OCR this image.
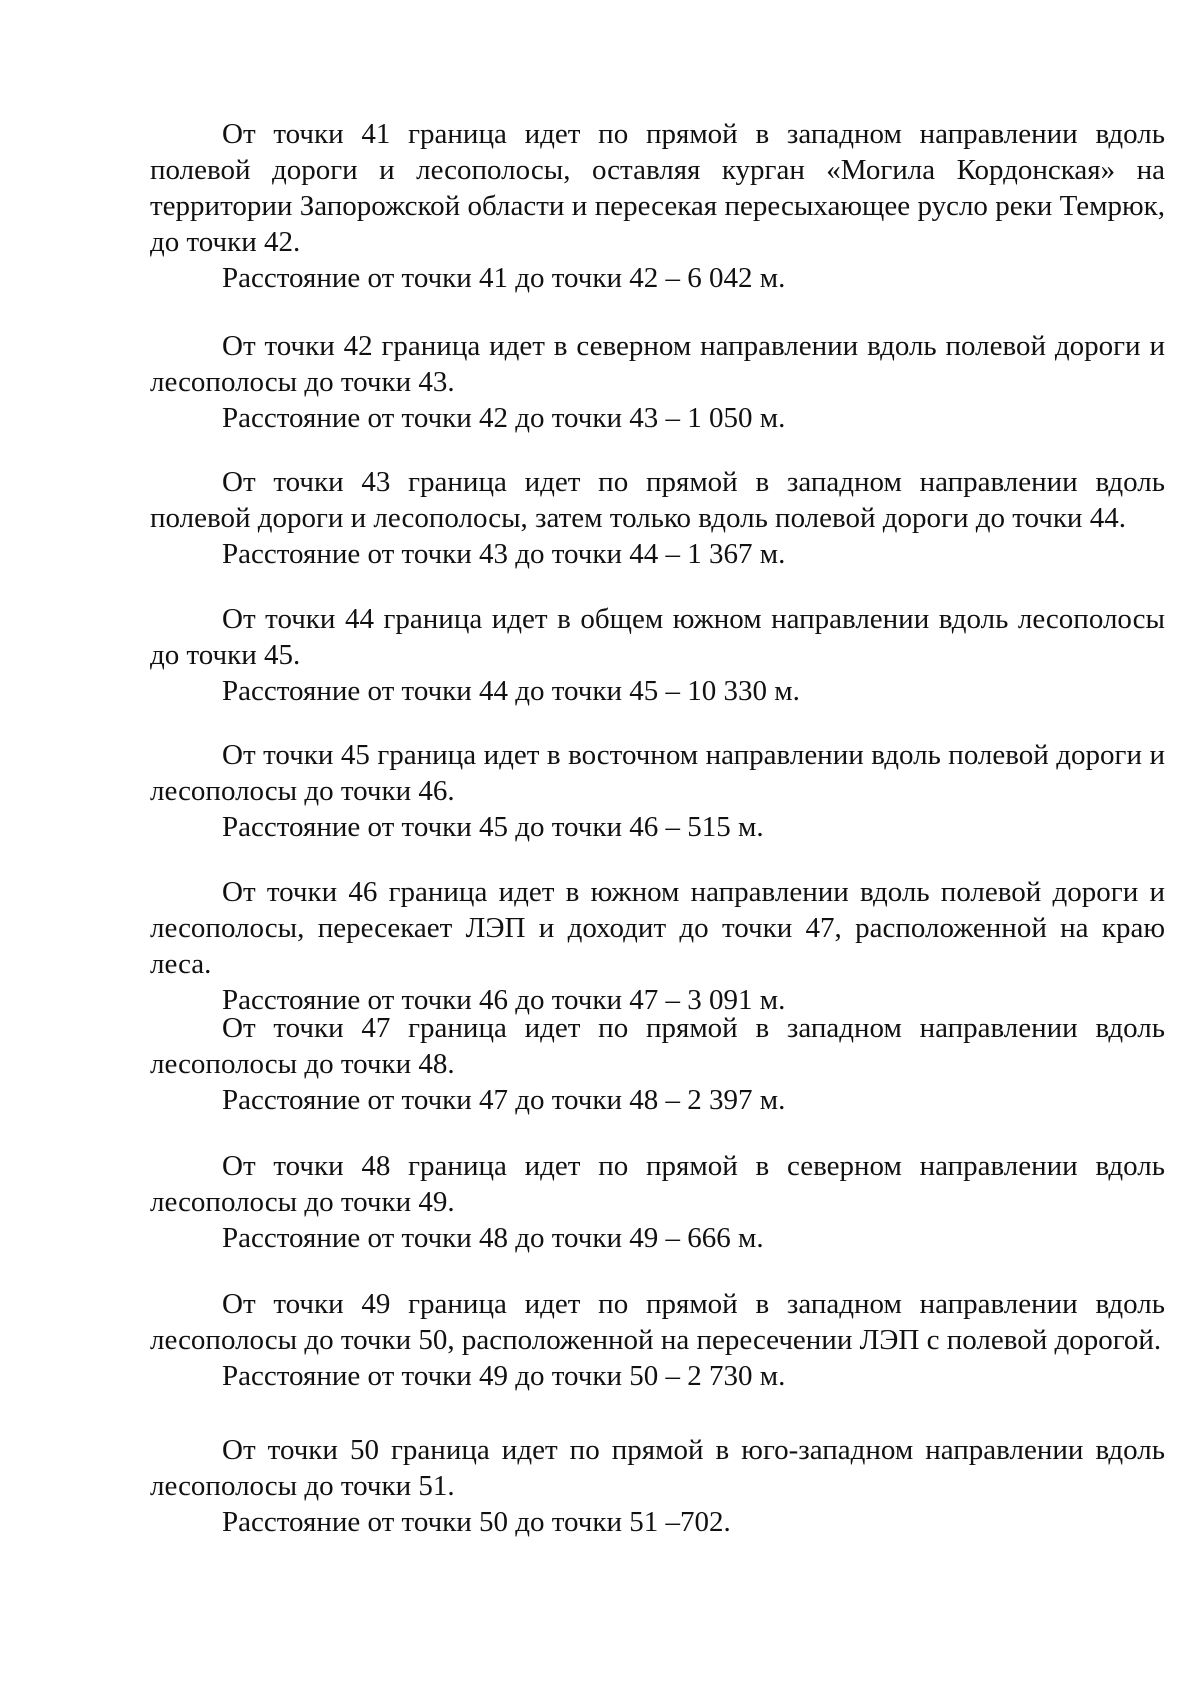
От точки 41 граница идет по прямой в западном направлении вдоль полевой дороги и лесополосы, оставляя курган «Могила Кордонская» на территории Запорожской области и пересекая пересыхающее русло реки Темрюк, до точки 42.

Расстояние от точки 41 до точки 42 – 6 042 м.

От точки 42 граница идет в северном направлении вдоль полевой дороги и лесополосы до точки 43.

Расстояние от точки 42 до точки 43 – 1 050 м.

От точки 43 граница идет по прямой в западном направлении вдоль полевой дороги и лесополосы, затем только вдоль полевой дороги до точки 44.

Расстояние от точки 43 до точки 44 – 1 367 м.

От точки 44 граница идет в общем южном направлении вдоль лесополосы до точки 45.

Расстояние от точки 44 до точки 45 – 10 330 м.

От точки 45 граница идет в восточном направлении вдоль полевой дороги и лесополосы до точки 46.

Расстояние от точки 45 до точки 46 – 515 м.

От точки 46 граница идет в южном направлении вдоль полевой дороги и лесополосы, пересекает ЛЭП и доходит до точки 47, расположенной на краю леса.

Расстояние от точки 46 до точки 47 – 3 091 м.

От точки 47 граница идет по прямой в западном направлении вдоль лесополосы до точки 48.

Расстояние от точки 47 до точки 48 – 2 397 м.

От точки 48 граница идет по прямой в северном направлении вдоль лесополосы до точки 49.

Расстояние от точки 48 до точки 49 – 666 м.

От точки 49 граница идет по прямой в западном направлении вдоль лесополосы до точки 50, расположенной на пересечении ЛЭП с полевой дорогой.

Расстояние от точки 49 до точки 50 – 2 730 м.

От точки 50 граница идет по прямой в юго-западном направлении вдоль лесополосы до точки 51.

Расстояние от точки 50 до точки 51 –702.
